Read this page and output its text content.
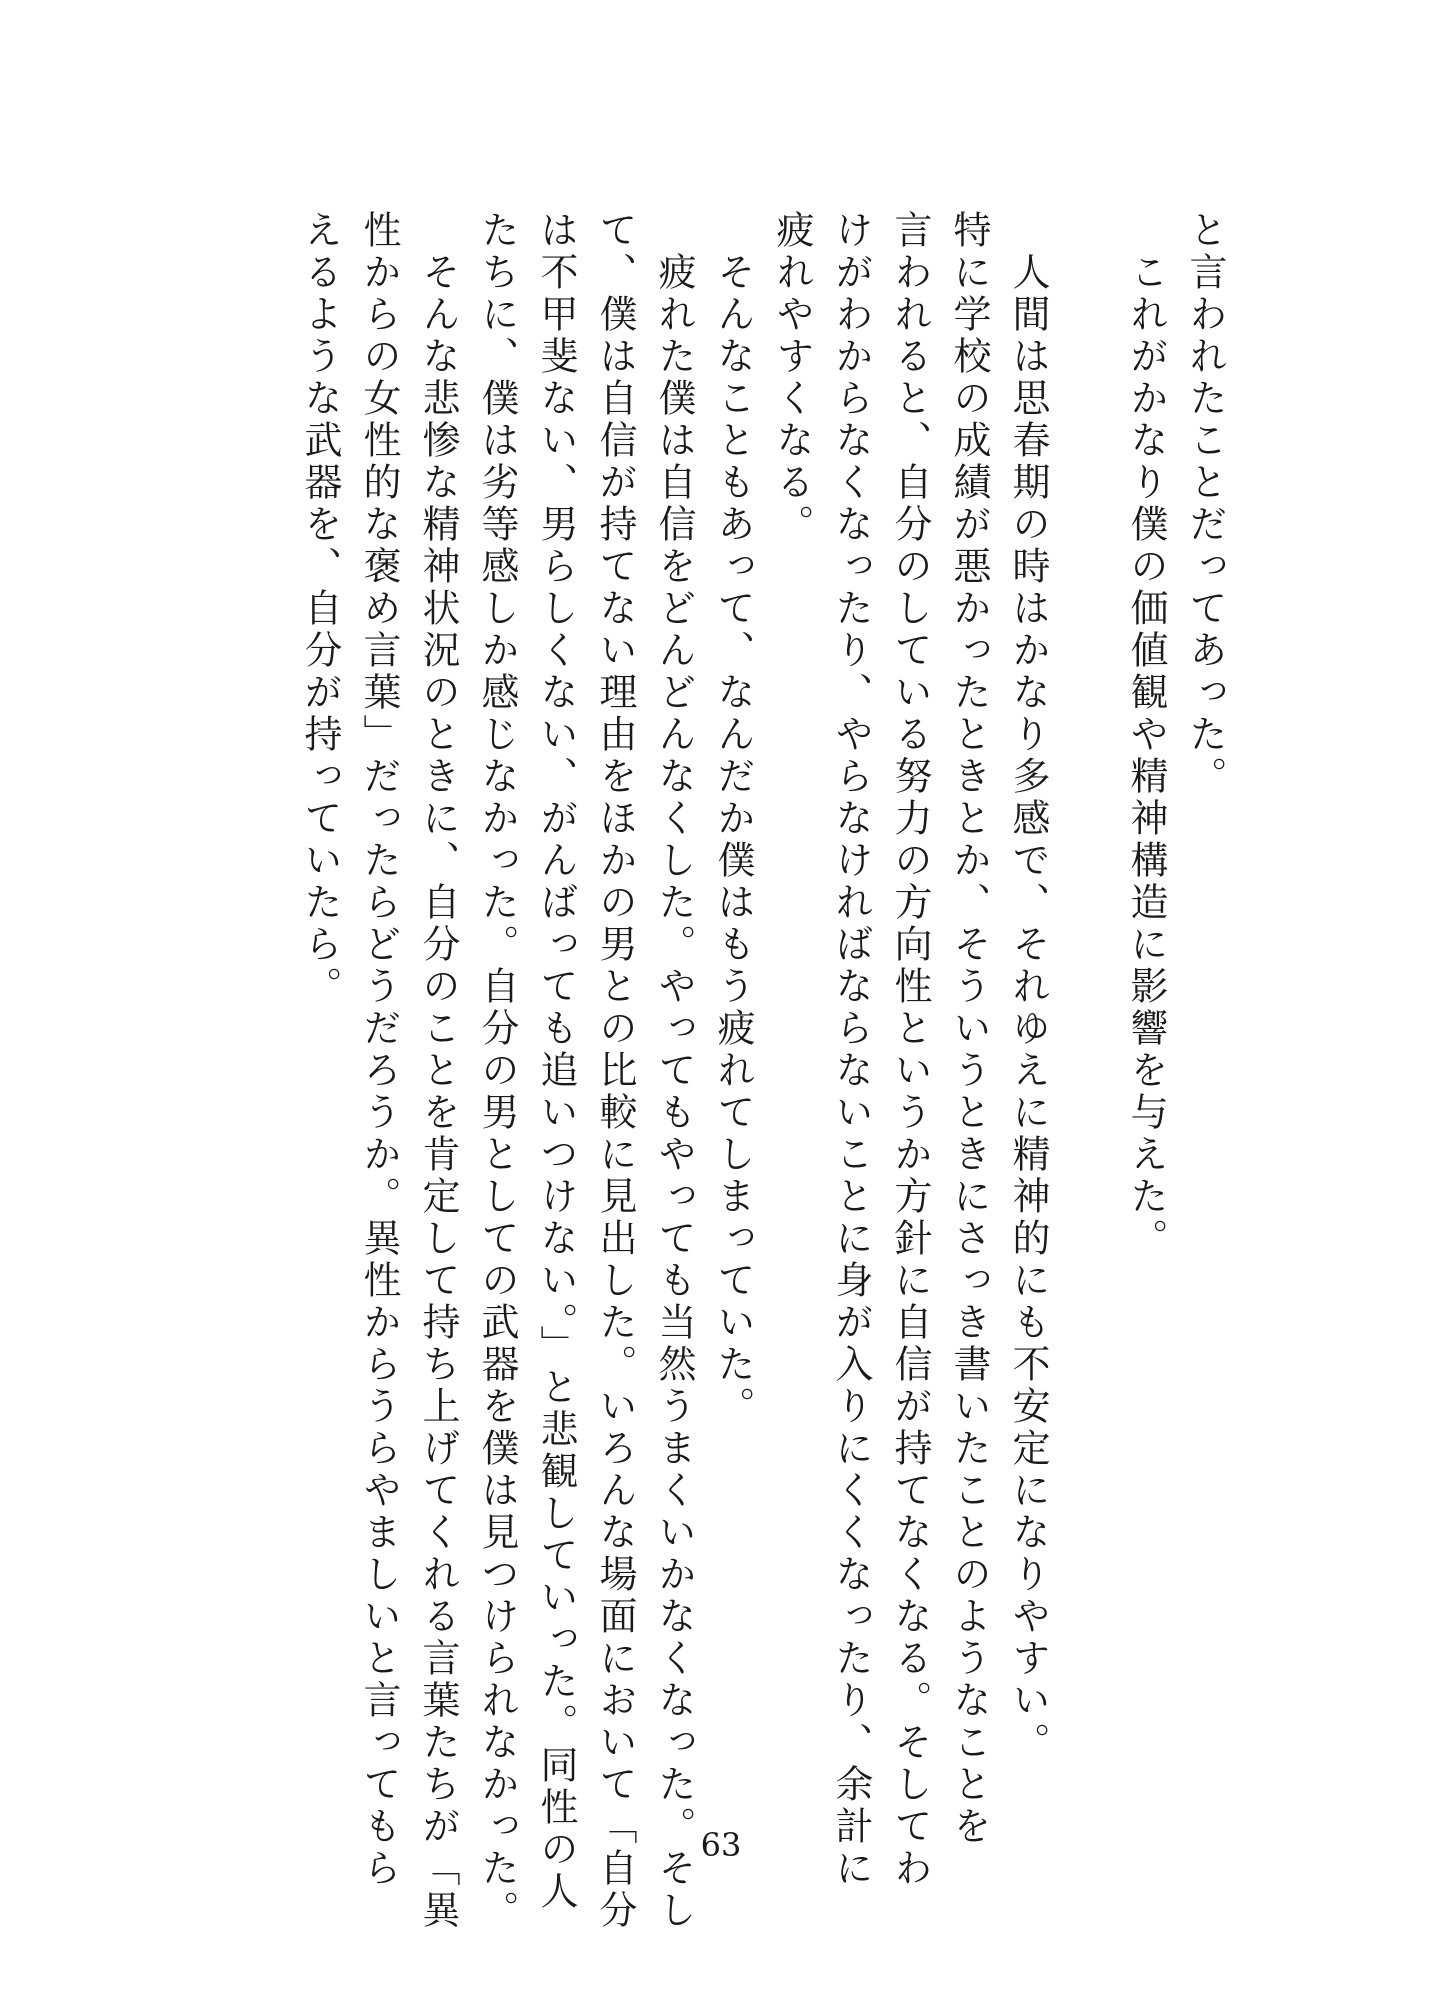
と言われたことだってあった。
　これがかなり僕の価値観や精神構造に影響を与えた。

　人間は思春期の時はかなり多感で、それゆえに精神的にも不安定になりやすい。
特に学校の成績が悪かったときとか、そういうときにさっき書いたことのようなことを
言われると、自分のしている努力の方向性というか方針に自信が持てなくなる。そしてわ
けがわからなくなったり、やらなければならないことに身が入りにくくなったり、余計に
疲れやすくなる。
　そんなこともあって、なんだか僕はもう疲れてしまっていた。
　疲れた僕は自信をどんどんなくした。やってもやっても当然うまくいかなくなった。そし
て、僕は自信が持てない理由をほかの男との比較に見出した。いろんな場面において「自分
は不甲斐ない、男らしくない、がんばっても追いつけない。」と悲観していった。同性の人
たちに、僕は劣等感しか感じなかった。自分の男としての武器を僕は見つけられなかった。
　そんな悲惨な精神状況のときに、自分のことを肯定して持ち上げてくれる言葉たちが「異
性からの女性的な褒め言葉」だったらどうだろうか。異性からうらやましいと言ってもら
えるような武器を、自分が持っていたら。
63
